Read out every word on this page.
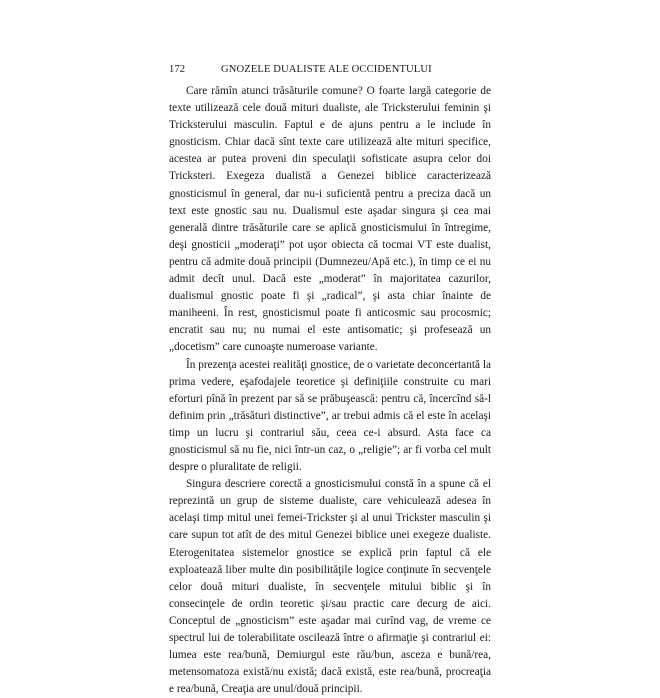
172	GNOZELE DUALISTE ALE OCCIDENTULUI

Care rămîn atunci trăsăturile comune? O foarte largă categorie de texte utilizează cele două mituri dualiste, ale Tricksterului feminin şi Tricksterului masculin. Faptul e de ajuns pentru a le include în gnosticism. Chiar dacă sînt texte care utilizează alte mituri specifice, acestea ar putea proveni din speculaţii sofisticate asupra celor doi Tricksteri. Exegeza dualistă a Genezei biblice caracterizează gnosticismul în general, dar nu-i suficientă pentru a preciza dacă un text este gnostic sau nu. Dualismul este aşadar singura şi cea mai generală dintre trăsăturile care se aplică gnosticismului în întregime, deşi gnosticii „moderaţi” pot uşor obiecta că tocmai VT este dualist, pentru că admite două principii (Dumnezeu/Apă etc.), în timp ce ei nu admit decît unul. Dacă este „moderat” în majoritatea cazurilor, dualismul gnostic poate fi şi „radical”, şi asta chiar înainte de maniheeni. În rest, gnosticismul poate fi anticosmic sau procosmic; encratit sau nu; nu numai el este antisomatic; şi profesează un „docetism” care cunoaşte numeroase variante.

În prezenţa acestei realităţi gnostice, de o varietate deconcertantă la prima vedere, eşafodajele teoretice şi definiţiile construite cu mari eforturi pînă în prezent par să se prăbuşească: pentru că, încercînd să-l definim prin „trăsături distinctive”, ar trebui admis că el este în acelaşi timp un lucru şi contrariul său, ceea ce-i absurd. Asta face ca gnosticismul să nu fie, nici într-un caz, o „religie”; ar fi vorba cel mult despre o pluralitate de religii.

Singura descriere corectă a gnosticismului constă în a spune că el reprezintă un grup de sisteme dualiste, care vehiculează adesea în acelaşi timp mitul unei femei-Trickster şi al unui Trickster masculin şi care supun tot atît de des mitul Genezei biblice unei exegeze dualiste. Eterogenitatea sistemelor gnostice se explică prin faptul că ele exploatează liber multe din posibilităţile logice conţinute în secvenţele celor două mituri dualiste, în secvenţele mitului biblic şi în consecinţele de ordin teoretic şi/sau practic care decurg de aici. Conceptul de „gnosticism” este aşadar mai curînd vag, de vreme ce spectrul lui de tolerabilitate oscilează între o afirmaţie şi contrariul ei: lumea este rea/bună, Demiurgul este rău/bun, asceza e bună/rea, metensomatoza există/nu există; dacă există, este rea/bună, procreaţia e rea/bună, Creaţia are unul/două principii.
